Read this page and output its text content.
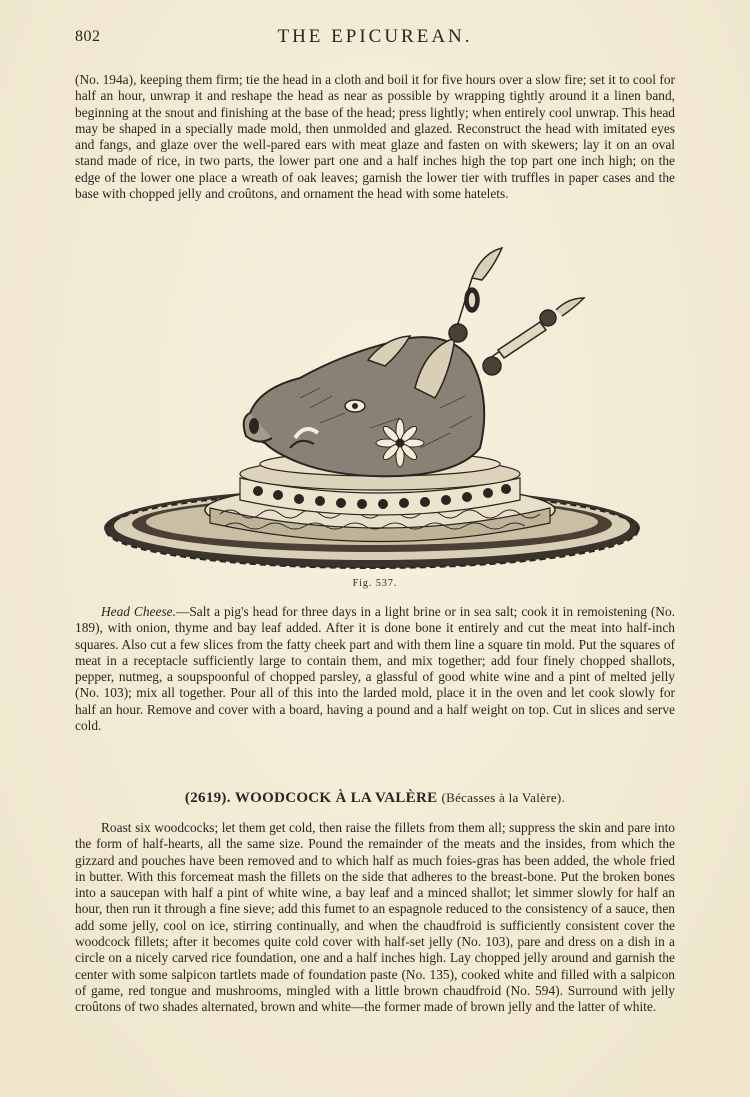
802	THE EPICUREAN.

(No. 194a), keeping them firm; tie the head in a cloth and boil it for five hours over a slow fire; set it to cool for half an hour, unwrap it and reshape the head as near as possible by wrapping tightly around it a linen band, beginning at the snout and finishing at the base of the head; press lightly; when entirely cool unwrap. This head may be shaped in a specially made mold, then unmolded and glazed. Reconstruct the head with imitated eyes and fangs, and glaze over the well-pared ears with meat glaze and fasten on with skewers; lay it on an oval stand made of rice, in two parts, the lower part one and a half inches high the top part one inch high; on the edge of the lower one place a wreath of oak leaves; garnish the lower tier with truffles in paper cases and the base with chopped jelly and croûtons, and ornament the head with some hatelets.

Fig. 537.

Head Cheese.—Salt a pig's head for three days in a light brine or in sea salt; cook it in remoistening (No. 189), with onion, thyme and bay leaf added. After it is done bone it entirely and cut the meat into half-inch squares. Also cut a few slices from the fatty cheek part and with them line a square tin mold. Put the squares of meat in a receptacle sufficiently large to contain them, and mix together; add four finely chopped shallots, pepper, nutmeg, a soupspoonful of chopped parsley, a glassful of good white wine and a pint of melted jelly (No. 103); mix all together. Pour all of this into the larded mold, place it in the oven and let cook slowly for half an hour. Remove and cover with a board, having a pound and a half weight on top. Cut in slices and serve cold.

(2619). WOODCOCK À LA VALÈRE (Bécasses à la Valère).

Roast six woodcocks; let them get cold, then raise the fillets from them all; suppress the skin and pare into the form of half-hearts, all the same size. Pound the remainder of the meats and the insides, from which the gizzard and pouches have been removed and to which half as much foies-gras has been added, the whole fried in butter. With this forcemeat mash the fillets on the side that adheres to the breast-bone. Put the broken bones into a saucepan with half a pint of white wine, a bay leaf and a minced shallot; let simmer slowly for half an hour, then run it through a fine sieve; add this fumet to an espagnole reduced to the consistency of a sauce, then add some jelly, cool on ice, stirring continually, and when the chaudfroid is sufficiently consistent cover the woodcock fillets; after it becomes quite cold cover with half-set jelly (No. 103), pare and dress on a dish in a circle on a nicely carved rice foundation, one and a half inches high. Lay chopped jelly around and garnish the center with some salpicon tartlets made of foundation paste (No. 135), cooked white and filled with a salpicon of game, red tongue and mushrooms, mingled with a little brown chaudfroid (No. 594). Surround with jelly croûtons of two shades alternated, brown and white—the former made of brown jelly and the latter of white.
